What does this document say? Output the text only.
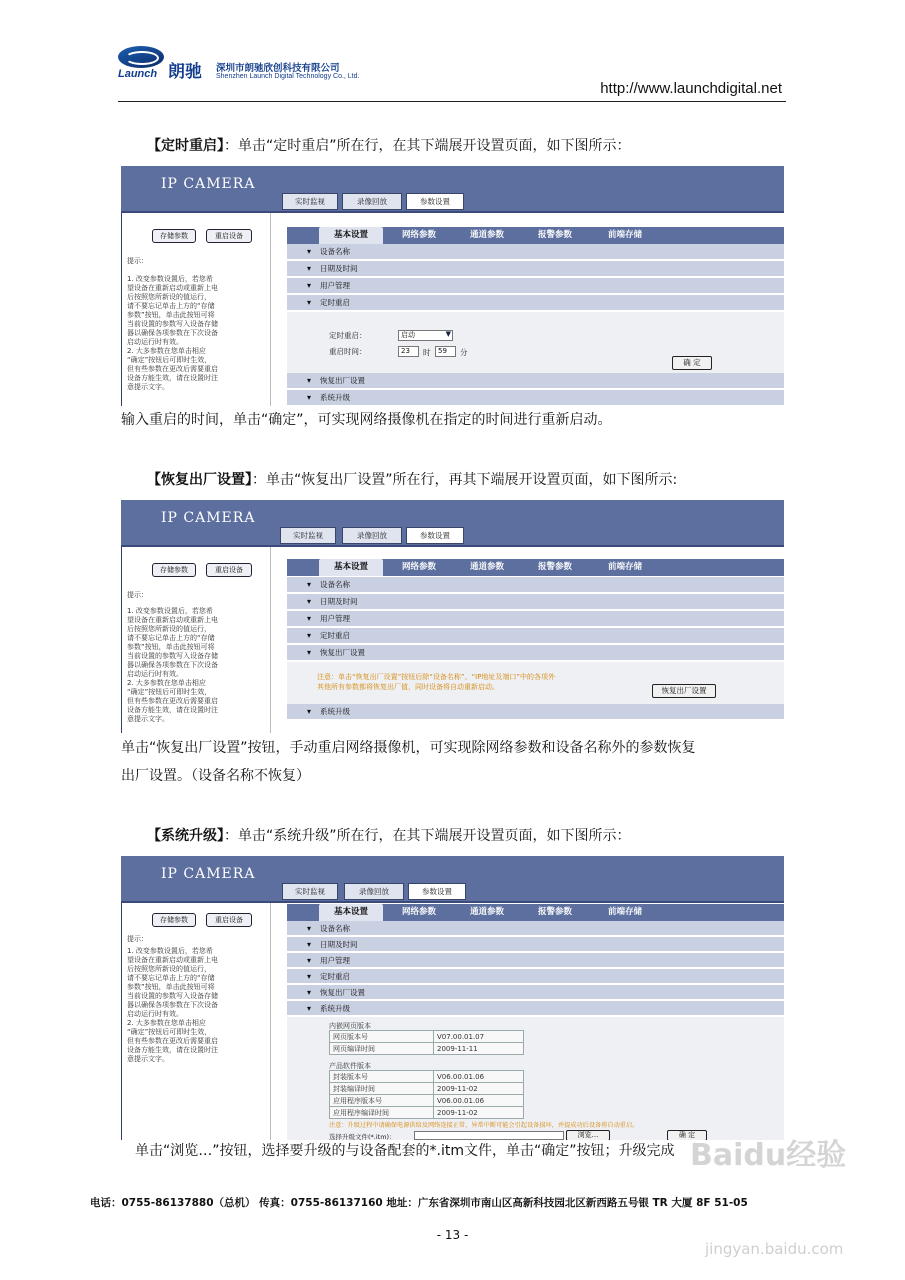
Launch 朗驰 深圳市朗驰欣创科技有限公司
Shenzhen Launch Digital Technology Co., Ltd.
http://www.launchdigital.net
【定时重启】：单击“定时重启”所在行，在其下端展开设置页面，如下图所示：
IP CAMERA
实时监视	录像回放	参数设置
存储参数	重启设备
提示：
1. 改变参数设置后，若您希
望设备在重新启动或重新上电
后按照您所新设的值运行，
请不要忘记单击上方的“存储
参数”按钮，单击此按钮可将
当前设置的参数写入设备存储
器以确保各项参数在下次设备
启动运行时有效。
2. 大多参数在您单击相应
“确定”按钮后可即时生效，
但有些参数在更改后需要重启
设备方能生效，请在设置时注
意提示文字。
基本设置	网络参数	通道参数	报警参数	前端存储
▾ 设备名称
▾ 日期及时间
▾ 用户管理
▾ 定时重启
定时重启：	启动	▼
重启时间：	23	时	59	分
确 定
▾ 恢复出厂设置
▾ 系统升级
输入重启的时间，单击“确定”，可实现网络摄像机在指定的时间进行重新启动。
【恢复出厂设置】：单击“恢复出厂设置”所在行，再其下端展开设置页面，如下图所示:
IP CAMERA
实时监视	录像回放	参数设置
存储参数	重启设备
提示：
1. 改变参数设置后，若您希
望设备在重新启动或重新上电
后按照您所新设的值运行，
请不要忘记单击上方的“存储
参数”按钮，单击此按钮可将
当前设置的参数写入设备存储
器以确保各项参数在下次设备
启动运行时有效。
2. 大多参数在您单击相应
“确定”按钮后可即时生效，
但有些参数在更改后需要重启
设备方能生效，请在设置时注
意提示文字。
基本设置	网络参数	通道参数	报警参数	前端存储
▾ 设备名称
▾ 日期及时间
▾ 用户管理
▾ 定时重启
▾ 恢复出厂设置
注意：单击“恢复出厂设置”按钮后除“设备名称”、“IP地址及端口”中的各项外
其他所有参数都将恢复出厂值，同时设备将自动重新启动。	恢复出厂设置
▾ 系统升级
单击“恢复出厂设置”按钮，手动重启网络摄像机，可实现除网络参数和设备名称外的参数恢复
出厂设置。（设备名称不恢复）
【系统升级】：单击“系统升级”所在行，在其下端展开设置页面，如下图所示：
IP CAMERA
实时监视	录像回放	参数设置
存储参数	重启设备
提示：
1. 改变参数设置后，若您希
望设备在重新启动或重新上电
后按照您所新设的值运行，
请不要忘记单击上方的“存储
参数”按钮，单击此按钮可将
当前设置的参数写入设备存储
器以确保各项参数在下次设备
启动运行时有效。
2. 大多参数在您单击相应
“确定”按钮后可即时生效，
但有些参数在更改后需要重启
设备方能生效，请在设置时注
意提示文字。
基本设置	网络参数	通道参数	报警参数	前端存储
▾ 设备名称
▾ 日期及时间
▾ 用户管理
▾ 定时重启
▾ 恢复出厂设置
▾ 系统升级
内嵌网页版本
网页版本号	V07.00.01.07
网页编译时间	2009-11-11
产品软件版本
封装版本号	V06.00.01.06
封装编译时间	2009-11-02
应用程序版本号	V06.00.01.06
应用程序编译时间	2009-11-02
注意：升级过程中请确保电源供给及网络连接正常，异常中断可能会引起设备损坏，并提成功后设备将自动重启。
选择升级文件(*.itm)：	浏览...	确 定
单击“浏览…”按钮，选择要升级的与设备配套的*.itm文件，单击“确定”按钮；升级完成
电话：0755-86137880（总机） 传真：0755-86137160 地址：广东省深圳市南山区高新科技园北区新西路五号银 TR 大厦 8F 51-05
- 13 -
Baidu经验
jingyan.baidu.com
